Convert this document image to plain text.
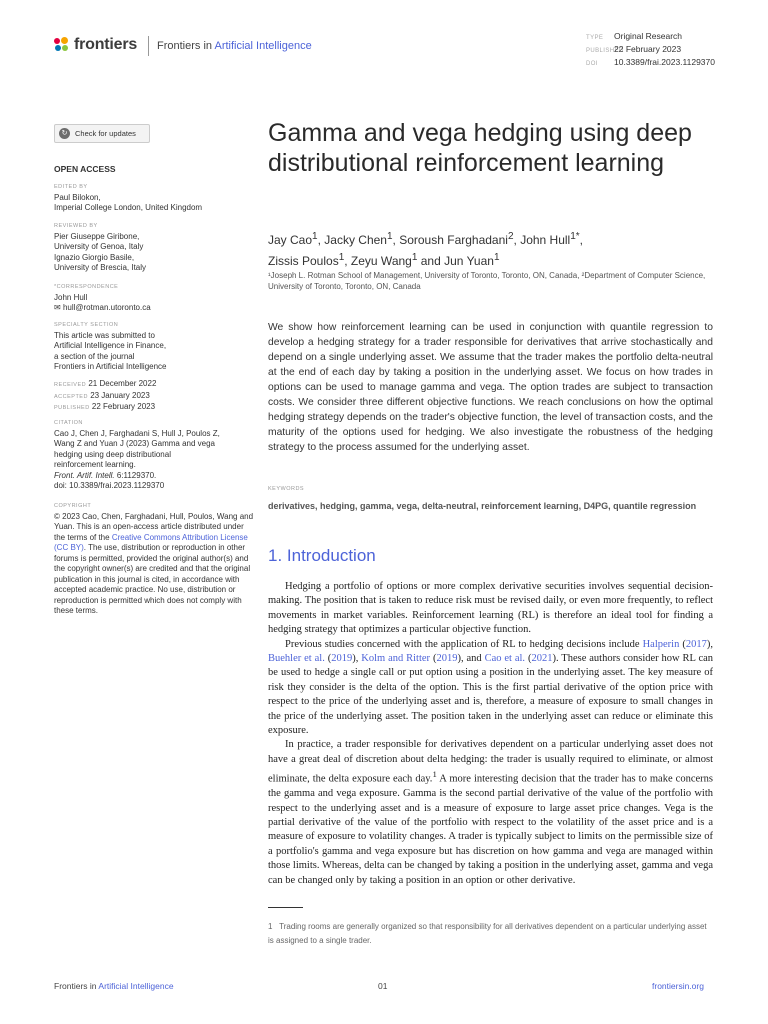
frontiers	Frontiers in Artificial Intelligence
TYPE Original Research
PUBLISHED22 February 2023
DOI 10.3389/frai.2023.1129370
↻	Check for updates
OPEN ACCESS
EDITED BY
Paul Bilokon,
Imperial College London, United Kingdom
REVIEWED BY
Pier Giuseppe Giribone,
University of Genoa, Italy
Ignazio Giorgio Basile,
University of Brescia, Italy
*CORRESPONDENCE
John Hull
✉ hull@rotman.utoronto.ca
SPECIALTY SECTION
This article was submitted to
Artificial Intelligence in Finance,
a section of the journal
Frontiers in Artificial Intelligence
RECEIVED 21 December 2022
ACCEPTED 23 January 2023
PUBLISHED 22 February 2023
CITATION
Cao J, Chen J, Farghadani S, Hull J, Poulos Z,
Wang Z and Yuan J (2023) Gamma and vega
hedging using deep distributional
reinforcement learning.
Front. Artif. Intell. 6:1129370.
doi: 10.3389/frai.2023.1129370
COPYRIGHT
© 2023 Cao, Chen, Farghadani, Hull, Poulos, Wang and Yuan. This is an open-access article distributed under the terms of the Creative Commons Attribution License (CC BY). The use, distribution or reproduction in other forums is permitted, provided the original author(s) and the copyright owner(s) are credited and that the original publication in this journal is cited, in accordance with accepted academic practice. No use, distribution or reproduction is permitted which does not comply with these terms.
Gamma and vega hedging using deep distributional reinforcement learning
Jay Cao$^1$, Jacky Chen$^1$, Soroush Farghadani$^2$, John Hull$^{1*}$,
Zissis Poulos$^1$, Zeyu Wang$^1$ and Jun Yuan$^1$
¹Joseph L. Rotman School of Management, University of Toronto, Toronto, ON, Canada, ²Department of Computer Science, University of Toronto, Toronto, ON, Canada
We show how reinforcement learning can be used in conjunction with quantile regression to develop a hedging strategy for a trader responsible for derivatives that arrive stochastically and depend on a single underlying asset. We assume that the trader makes the portfolio delta-neutral at the end of each day by taking a position in the underlying asset. We focus on how trades in options can be used to manage gamma and vega. The option trades are subject to transaction costs. We consider three different objective functions. We reach conclusions on how the optimal hedging strategy depends on the trader's objective function, the level of transaction costs, and the maturity of the options used for hedging. We also investigate the robustness of the hedging strategy to the process assumed for the underlying asset.
KEYWORDS
derivatives, hedging, gamma, vega, delta-neutral, reinforcement learning, D4PG, quantile regression
1. Introduction

Hedging a portfolio of options or more complex derivative securities involves sequential decision-making. The position that is taken to reduce risk must be revised daily, or even more frequently, to reflect movements in market variables. Reinforcement learning (RL) is therefore an ideal tool for finding a hedging strategy that optimizes a particular objective function.

Previous studies concerned with the application of RL to hedging decisions include Halperin (2017), Buehler et al. (2019), Kolm and Ritter (2019), and Cao et al. (2021). These authors consider how RL can be used to hedge a single call or put option using a position in the underlying asset. The key measure of risk they consider is the delta of the option. This is the first partial derivative of the option price with respect to the price of the underlying asset and is, therefore, a measure of exposure to small changes in the price of the underlying asset. The position taken in the underlying asset can reduce or eliminate this exposure.

In practice, a trader responsible for derivatives dependent on a particular underlying asset does not have a great deal of discretion about delta hedging: the trader is usually required to eliminate, or almost eliminate, the delta exposure each day.$^1$ A more interesting decision that the trader has to make concerns the gamma and vega exposure. Gamma is the second partial derivative of the value of the portfolio with respect to the underlying asset and is a measure of exposure to large asset price changes. Vega is the partial derivative of the value of the portfolio with respect to the volatility of the asset price and is a measure of exposure to volatility changes. A trader is typically subject to limits on the permissible size of a portfolio's gamma and vega exposure but has discretion on how gamma and vega are managed within those limits. Whereas, delta can be changed by taking a position in the underlying asset, gamma and vega can be changed only by taking a position in an option or other derivative.

1 Trading rooms are generally organized so that responsibility for all derivatives dependent on a particular underlying asset is assigned to a single trader.
Frontiers in Artificial Intelligence	01	frontiersin.org
